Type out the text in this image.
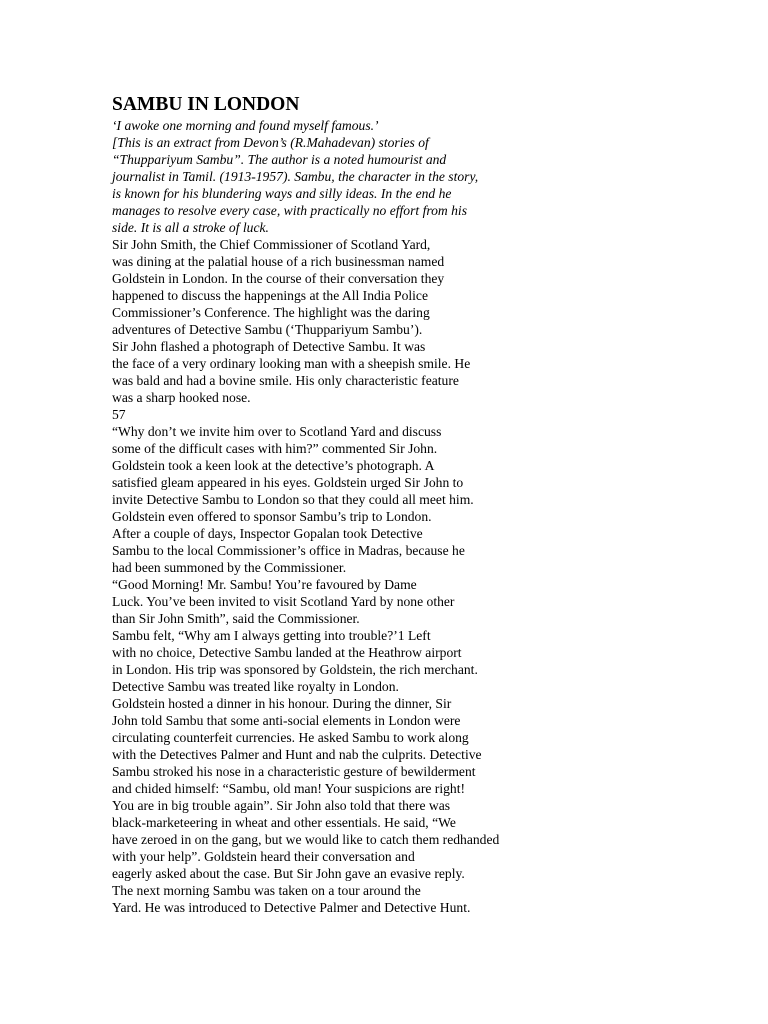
SAMBU IN LONDON
‘I awoke one morning and found myself famous.’
[This is an extract from Devon’s (R.Mahadevan) stories of
“Thuppariyum Sambu”. The author is a noted humourist and
journalist in Tamil. (1913-1957). Sambu, the character in the story,
is known for his blundering ways and silly ideas. In the end he
manages to resolve every case, with practically no effort from his
side. It is all a stroke of luck.
Sir John Smith, the Chief Commissioner of Scotland Yard,
was dining at the palatial house of a rich businessman named
Goldstein in London. In the course of their conversation they
happened to discuss the happenings at the All India Police
Commissioner’s Conference. The highlight was the daring
adventures of Detective Sambu (‘Thuppariyum Sambu’).
Sir John flashed a photograph of Detective Sambu. It was
the face of a very ordinary looking man with a sheepish smile. He
was bald and had a bovine smile. His only characteristic feature
was a sharp hooked nose.
57
“Why don’t we invite him over to Scotland Yard and discuss
some of the difficult cases with him?” commented Sir John.
Goldstein took a keen look at the detective’s photograph. A
satisfied gleam appeared in his eyes. Goldstein urged Sir John to
invite Detective Sambu to London so that they could all meet him.
Goldstein even offered to sponsor Sambu’s trip to London.
After a couple of days, Inspector Gopalan took Detective
Sambu to the local Commissioner’s office in Madras, because he
had been summoned by the Commissioner.
“Good Morning! Mr. Sambu! You’re favoured by Dame
Luck. You’ve been invited to visit Scotland Yard by none other
than Sir John Smith”, said the Commissioner.
Sambu felt, “Why am I always getting into trouble?’1 Left
with no choice, Detective Sambu landed at the Heathrow airport
in London. His trip was sponsored by Goldstein, the rich merchant.
Detective Sambu was treated like royalty in London.
Goldstein hosted a dinner in his honour. During the dinner, Sir
John told Sambu that some anti-social elements in London were
circulating counterfeit currencies. He asked Sambu to work along
with the Detectives Palmer and Hunt and nab the culprits. Detective
Sambu stroked his nose in a characteristic gesture of bewilderment
and chided himself: “Sambu, old man! Your suspicions are right!
You are in big trouble again”. Sir John also told that there was
black-marketeering in wheat and other essentials. He said, “We
have zeroed in on the gang, but we would like to catch them redhanded
with your help”. Goldstein heard their conversation and
eagerly asked about the case. But Sir John gave an evasive reply.
The next morning Sambu was taken on a tour around the
Yard. He was introduced to Detective Palmer and Detective Hunt.
